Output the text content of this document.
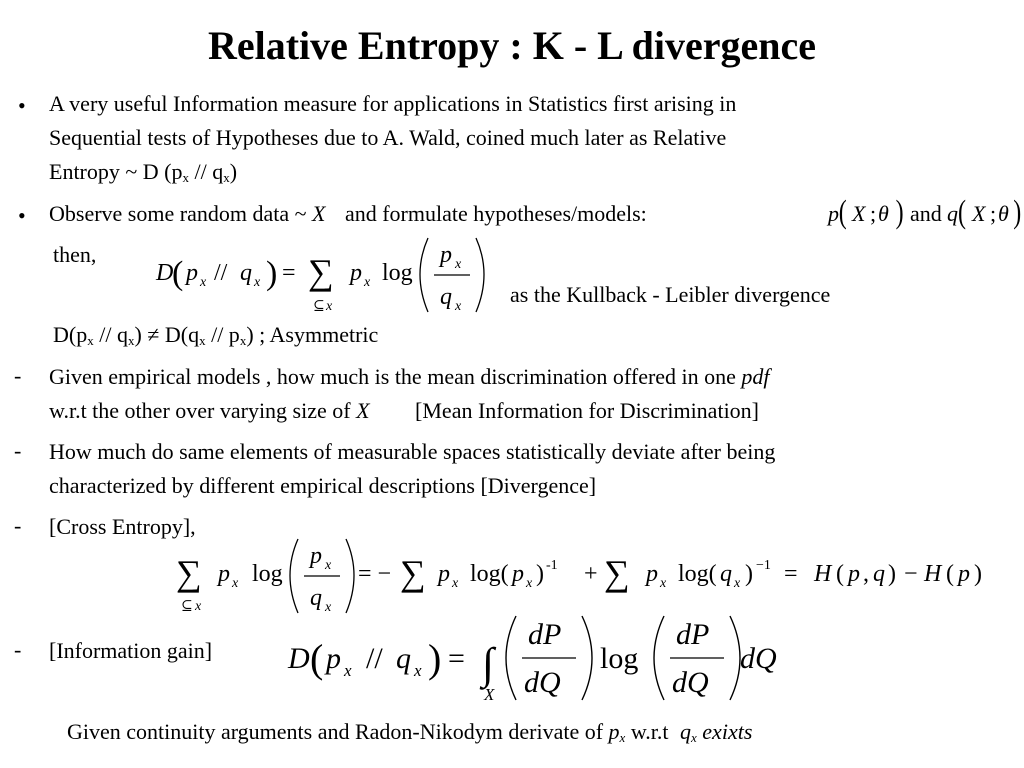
Relative Entropy : K - L divergence
• A very useful Information measure for applications in Statistics first arising in
Sequential tests of Hypotheses due to A. Wald, coined much later as Relative
Entropy ~ D $(p_x // q_x)$
• Observe some random data ~ X and formulate hypotheses/models:	p ( X ; θ ) and q ( X ; θ )
then,
D
( p x // q x ) = ∑
⊆ x
p x log
p x
q x as the Kullback - Leibler divergence
$D(p_x // q_x) \ne D(q_x // p_x)$ ; Asymmetric
- Given empirical models , how much is the mean discrimination offered in one pdf
w.r.t the other over varying size of X [Mean Information for Discrimination]
- How much do same elements of measurable spaces statistically deviate after being
characterized by different empirical descriptions [Divergence]
- [Cross Entropy],
∑
⊆ x
p x log
p x
q x
= − ∑ p x log( p x ) -1 + ∑ p x log( q x ) −1 = H ( p , q ) − H ( p )
- [Information gain]	D ( p x // q x ) = ∫
X
dP
dQ
log
dP
dQ
dQ
Given continuity arguments and Radon-Nikodym derivate of $p_x$ w.r.t $q_x$ exixts
